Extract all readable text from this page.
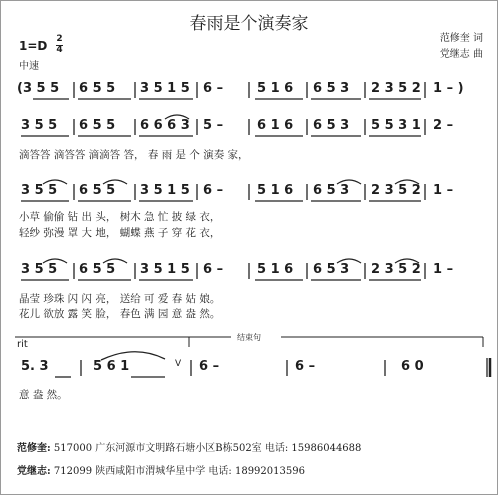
春雨是个演奏家
范修奎 词
党继志 曲
1=D 2
4
中速
(3 5 5 6 5 5 3 5 1 5 6 –	5 1 6 6 5 3 2 3 5 2 1 – )
3 5 5 6 5 5 6 6 6 3 5 –	6 1 6 6 5 3 5 5 3 1 2 –
滴答答 滴答答 滴滴答 答， 春 雨 是 个 演奏 家，
3 5 5 6 5 5 3 5 1 5 6 –	5 1 6 6 5 3 2 3 5 2 1 –
小草 偷偷 钻 出 头， 树木 急 忙 披 绿 衣，
轻纱 弥漫 罩 大 地， 蝴蝶 燕 子 穿 花 衣，
3 5 5 6 5 5 3 5 1 5 6 –	5 1 6 6 5 3 2 3 5 2 1 –
晶莹 珍珠 闪 闪 亮， 送给 可 爱 春 姑 娘。
花儿 欲放 露 笑 脸， 春色 满 园 意 盎 然。
结束句
rit
V
5. 3	5 6 1	6 –	6 –	6 0
意 盎 然。
范修奎: 517000 广东河源市文明路石塘小区B栋502室 电话: 15986044688
党继志: 712099 陕西咸阳市渭城华星中学 电话: 18992013596
